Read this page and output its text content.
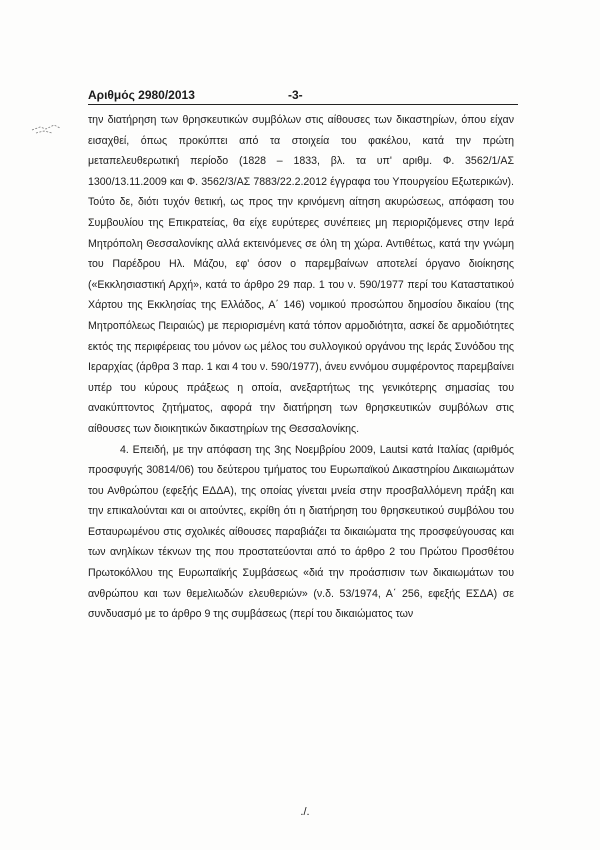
Αριθμός 2980/2013	-3-

την διατήρηση των θρησκευτικών συμβόλων στις αίθουσες των δικαστηρίων, όπου είχαν εισαχθεί, όπως προκύπτει από τα στοιχεία του φακέλου, κατά την πρώτη μεταπελευθερωτική περίοδο (1828 – 1833, βλ. τα υπ' αριθμ. Φ. 3562/1/ΑΣ 1300/13.11.2009 και Φ. 3562/3/ΑΣ 7883/22.2.2012 έγγραφα του Υπουργείου Εξωτερικών). Τούτο δε, διότι τυχόν θετική, ως προς την κρινόμενη αίτηση ακυρώσεως, απόφαση του Συμβουλίου της Επικρατείας, θα είχε ευρύτερες συνέπειες μη περιοριζόμενες στην Ιερά Μητρόπολη Θεσσαλονίκης αλλά εκτεινόμενες σε όλη τη χώρα. Αντιθέτως, κατά την γνώμη του Παρέδρου Ηλ. Μάζου, εφ' όσον ο παρεμβαίνων αποτελεί όργανο διοίκησης («Εκκλησιαστική Αρχή», κατά το άρθρο 29 παρ. 1 του ν. 590/1977 περί του Καταστατικού Χάρτου της Εκκλησίας της Ελλάδος, Α΄ 146) νομικού προσώπου δημοσίου δικαίου (της Μητροπόλεως Πειραιώς) με περιορισμένη κατά τόπον αρμοδιότητα, ασκεί δε αρμοδιότητες εκτός της περιφέρειας του μόνον ως μέλος του συλλογικού οργάνου της Ιεράς Συνόδου της Ιεραρχίας (άρθρα 3 παρ. 1 και 4 του ν. 590/1977), άνευ εννόμου συμφέροντος παρεμβαίνει υπέρ του κύρους πράξεως η οποία, ανεξαρτήτως της γενικότερης σημασίας του ανακύπτοντος ζητήματος, αφορά την διατήρηση των θρησκευτικών συμβόλων στις αίθουσες των διοικητικών δικαστηρίων της Θεσσαλονίκης.

4. Επειδή, με την απόφαση της 3ης Νοεμβρίου 2009, Lautsi κατά Ιταλίας (αριθμός προσφυγής 30814/06) του δεύτερου τμήματος του Ευρωπαϊκού Δικαστηρίου Δικαιωμάτων του Ανθρώπου (εφεξής ΕΔΔΑ), της οποίας γίνεται μνεία στην προσβαλλόμενη πράξη και την επικαλούνται και οι αιτούντες, εκρίθη ότι η διατήρηση του θρησκευτικού συμβόλου του Εσταυρωμένου στις σχολικές αίθουσες παραβιάζει τα δικαιώματα της προσφεύγουσας και των ανηλίκων τέκνων της που προστατεύονται από το άρθρο 2 του Πρώτου Προσθέτου Πρωτοκόλλου της Ευρωπαϊκής Συμβάσεως «διά την προάσπισιν των δικαιωμάτων του ανθρώπου και των θεμελιωδών ελευθεριών» (ν.δ. 53/1974, Α΄ 256, εφεξής ΕΣΔΑ) σε συνδυασμό με το άρθρο 9 της συμβάσεως (περί του δικαιώματος των

./.
